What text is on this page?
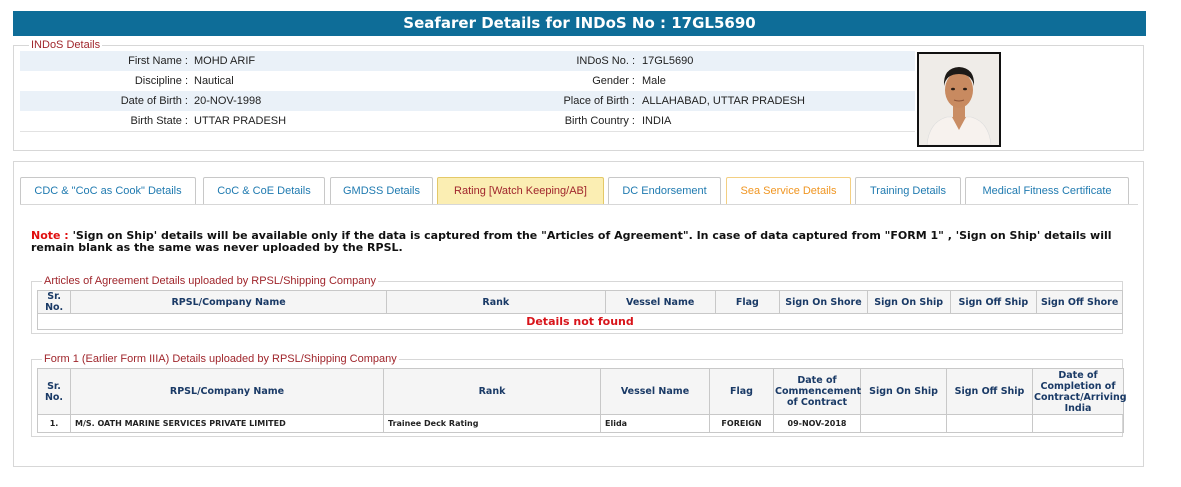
Seafarer Details for INDoS No : 17GL5690
INDoS Details
First Name : MOHD ARIF	INDoS No. : 17GL5690
Discipline : Nautical	Gender : Male
Date of Birth : 20-NOV-1998	Place of Birth : ALLAHABAD, UTTAR PRADESH
Birth State : UTTAR PRADESH	Birth Country : INDIA
CDC & "CoC as Cook" Details	CoC & CoE Details	GMDSS Details	Rating [Watch Keeping/AB]	DC Endorsement	Sea Service Details	Training Details	Medical Fitness Certificate
Note : 'Sign on Ship' details will be available only if the data is captured from the "Articles of Agreement". In case of data captured from "FORM 1" , 'Sign on Ship' details will remain blank as the same was never uploaded by the RPSL.
Articles of Agreement Details uploaded by RPSL/Shipping Company
Sr. No.	RPSL/Company Name	Rank	Vessel Name	Flag	Sign On Shore	Sign On Ship	Sign Off Ship	Sign Off Shore
Details not found
Form 1 (Earlier Form IIIA) Details uploaded by RPSL/Shipping Company
Sr. No.	RPSL/Company Name	Rank	Vessel Name	Flag	Date of Commencement of Contract	Sign On Ship	Sign Off Ship	Date of Completion of Contract/Arriving India
1.	M/S. OATH MARINE SERVICES PRIVATE LIMITED	Trainee Deck Rating	Elida	FOREIGN	09-NOV-2018			
